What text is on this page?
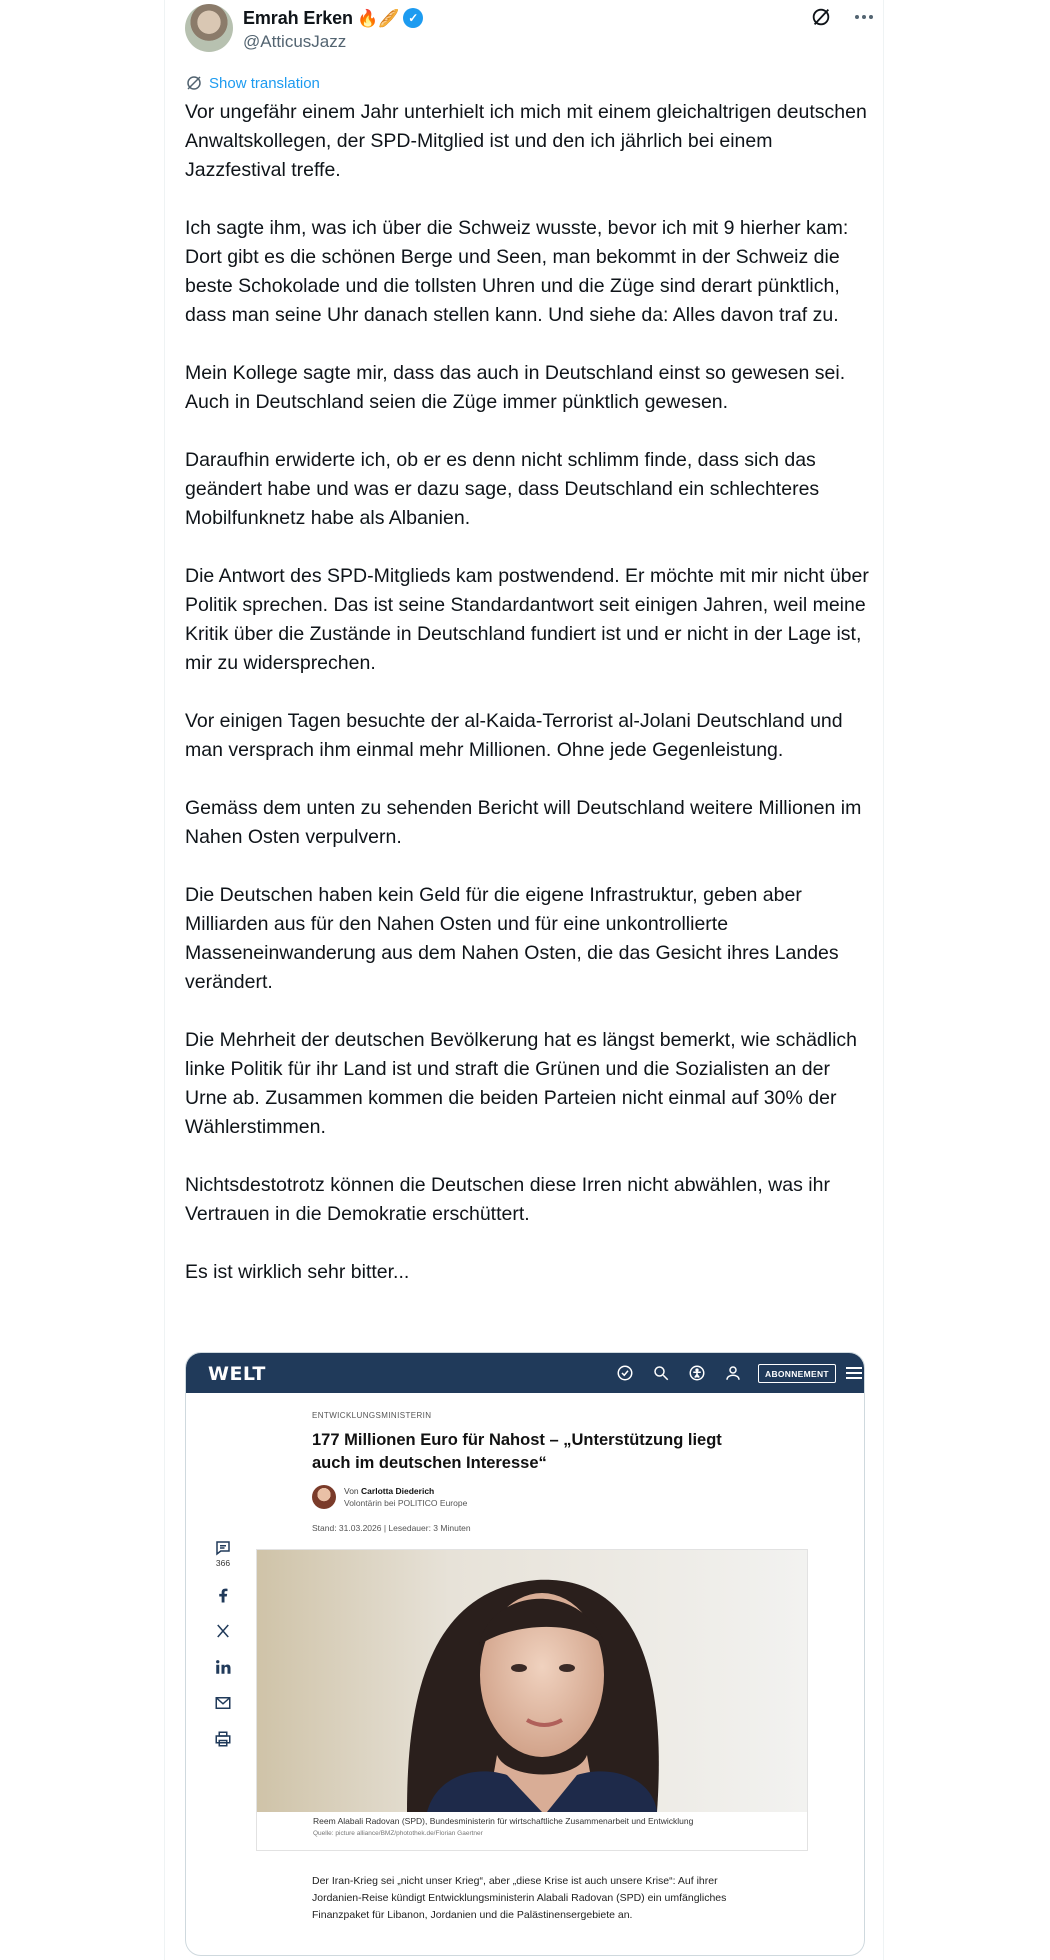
Emrah Erken 🔥🥖 ✓
@AtticusJazz
Show translation

Vor ungefähr einem Jahr unterhielt ich mich mit einem gleichaltrigen deutschen Anwaltskollegen, der SPD-Mitglied ist und den ich jährlich bei einem Jazzfestival treffe.

Ich sagte ihm, was ich über die Schweiz wusste, bevor ich mit 9 hierher kam: Dort gibt es die schönen Berge und Seen, man bekommt in der Schweiz die beste Schokolade und die tollsten Uhren und die Züge sind derart pünktlich, dass man seine Uhr danach stellen kann. Und siehe da: Alles davon traf zu.

Mein Kollege sagte mir, dass das auch in Deutschland einst so gewesen sei. Auch in Deutschland seien die Züge immer pünktlich gewesen.

Daraufhin erwiderte ich, ob er es denn nicht schlimm finde, dass sich das geändert habe und was er dazu sage, dass Deutschland ein schlechteres Mobilfunknetz habe als Albanien.

Die Antwort des SPD-Mitglieds kam postwendend. Er möchte mit mir nicht über Politik sprechen. Das ist seine Standardantwort seit einigen Jahren, weil meine Kritik über die Zustände in Deutschland fundiert ist und er nicht in der Lage ist, mir zu widersprechen.

Vor einigen Tagen besuchte der al-Kaida-Terrorist al-Jolani Deutschland und man versprach ihm einmal mehr Millionen. Ohne jede Gegenleistung.

Gemäss dem unten zu sehenden Bericht will Deutschland weitere Millionen im Nahen Osten verpulvern.

Die Deutschen haben kein Geld für die eigene Infrastruktur, geben aber Milliarden aus für den Nahen Osten und für eine unkontrollierte Masseneinwanderung aus dem Nahen Osten, die das Gesicht ihres Landes verändert.

Die Mehrheit der deutschen Bevölkerung hat es längst bemerkt, wie schädlich linke Politik für ihr Land ist und straft die Grünen und die Sozialisten an der Urne ab. Zusammen kommen die beiden Parteien nicht einmal auf 30% der Wählerstimmen.

Nichtsdestotrotz können die Deutschen diese Irren nicht abwählen, was ihr Vertrauen in die Demokratie erschüttert.

Es ist wirklich sehr bitter...

WELT	ABONNEMENT
ENTWICKLUNGSMINISTERIN
177 Millionen Euro für Nahost – „Unterstützung liegt auch im deutschen Interesse“
Von Carlotta Diederich
Volontärin bei POLITICO Europe
Stand: 31.03.2026 | Lesedauer: 3 Minuten
366
Reem Alabali Radovan (SPD), Bundesministerin für wirtschaftliche Zusammenarbeit und Entwicklung
Quelle: picture alliance/BMZ/photothek.de/Florian Gaertner
Der Iran-Krieg sei „nicht unser Krieg“, aber „diese Krise ist auch unsere Krise“: Auf ihrer Jordanien-Reise kündigt Entwicklungsministerin Alabali Radovan (SPD) ein umfängliches Finanzpaket für Libanon, Jordanien und die Palästinensergebiete an.
